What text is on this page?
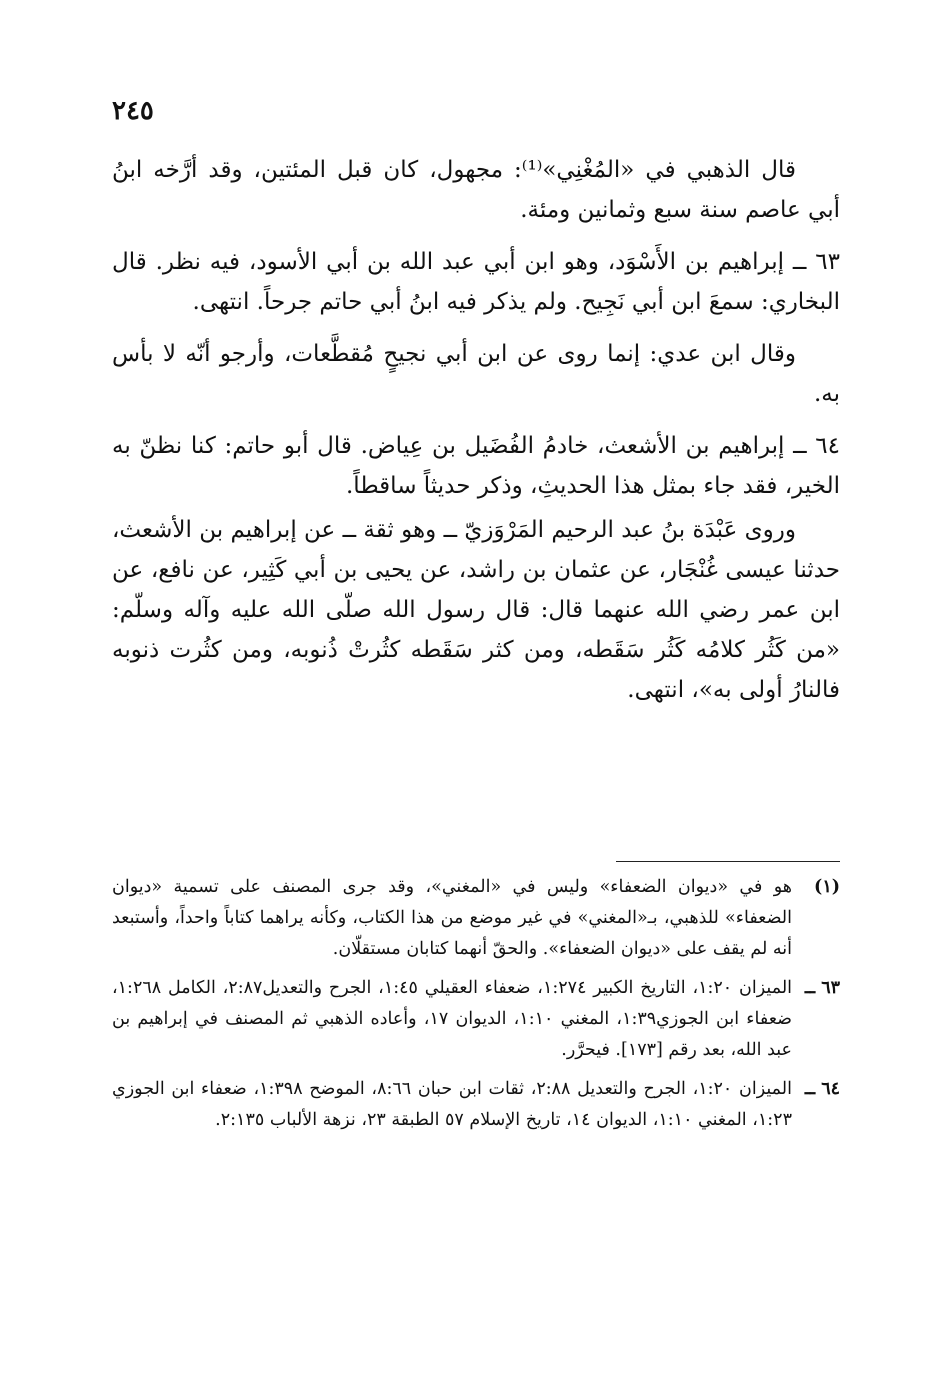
٢٤٥

قال الذهبي في «المُغْنِي»⁽¹⁾: مجهول، كان قبل المئتين، وقد أرَّخه ابنُ أبي عاصم سنة سبع وثمانين ومئة.

٦٣ ــ إبراهيم بن الأَسْوَد، وهو ابن أبي عبد الله بن أبي الأسود، فيه نظر. قال البخاري: سمعَ ابن أبي نَجِيح. ولم يذكر فيه ابنُ أبي حاتم جرحاً. انتهى.

وقال ابن عدي: إنما روى عن ابن أبي نجيحٍ مُقطَّعات، وأرجو أنّه لا بأس به.

٦٤ ــ إبراهيم بن الأشعث، خادمُ الفُضَيل بن عِياض. قال أبو حاتم: كنا نظنّ به الخير، فقد جاء بمثل هذا الحديثِ، وذكر حديثاً ساقطاً.

وروى عَبْدَة بنُ عبد الرحيم المَرْوَزيّ ــ وهو ثقة ــ عن إبراهيم بن الأشعث، حدثنا عيسى غُنْجَار، عن عثمان بن راشد، عن يحيى بن أبي كَثِير، عن نافع، عن ابن عمر رضي الله عنهما قال: قال رسول الله صلّى الله عليه وآله وسلّم: «من كَثُر كلامُه كَثُر سَقَطه، ومن كثر سَقَطه كثُرتْ ذُنوبه، ومن كثُرت ذنوبه فالنارُ أولى به»، انتهى.

(١)
هو في «ديوان الضعفاء» وليس في «المغني»، وقد جرى المصنف على تسمية «ديوان الضعفاء» للذهبي، بـ«المغني» في غير موضع من هذا الكتاب، وكأنه يراهما كتاباً واحداً، وأستبعد أنه لم يقف على «ديوان الضعفاء». والحقّ أنهما كتابان مستقلّان.
٦٣ ــ
الميزان ١:٢٠، التاريخ الكبير ١:٢٧٤، ضعفاء العقيلي ١:٤٥، الجرح والتعديل٢:٨٧، الكامل ١:٢٦٨، ضعفاء ابن الجوزي١:٣٩، المغني ١:١٠، الديوان ١٧، وأعاده الذهبي ثم المصنف في إبراهيم بن عبد الله، بعد رقم [١٧٣]. فيحرَّر.
٦٤ ــ
الميزان ١:٢٠، الجرح والتعديل ٢:٨٨، ثقات ابن حبان ٨:٦٦، الموضح ١:٣٩٨، ضعفاء ابن الجوزي ١:٢٣، المغني ١:١٠، الديوان ١٤، تاريخ الإسلام ٥٧ الطبقة ٢٣، نزهة الألباب ٢:١٣٥.
